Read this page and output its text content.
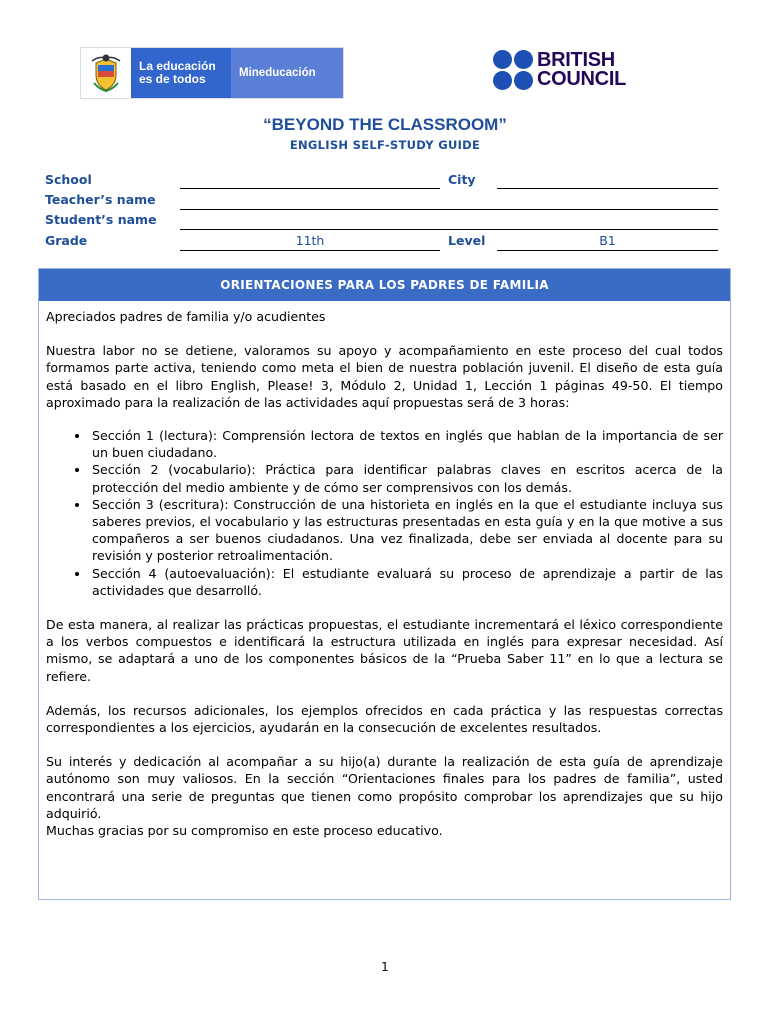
La educación
es de todos	Mineducación
BRITISH
COUNCIL
“BEYOND THE CLASSROOM”
ENGLISH SELF-STUDY GUIDE
School	City
Teacher’s name
Student’s name
Grade	11th	Level	B1
ORIENTACIONES PARA LOS PADRES DE FAMILIA

Apreciados padres de familia y/o acudientes

Nuestra labor no se detiene, valoramos su apoyo y acompañamiento en este proceso del cual todos formamos parte activa, teniendo como meta el bien de nuestra población juvenil. El diseño de esta guía está basado en el libro English, Please! 3, Módulo 2, Unidad 1, Lección 1 páginas 49-50. El tiempo aproximado para la realización de las actividades aquí propuestas será de 3 horas:

• Sección 1 (lectura): Comprensión lectora de textos en inglés que hablan de la importancia de ser un buen ciudadano.
• Sección 2 (vocabulario): Práctica para identificar palabras claves en escritos acerca de la protección del medio ambiente y de cómo ser comprensivos con los demás.
• Sección 3 (escritura): Construcción de una historieta en inglés en la que el estudiante incluya sus saberes previos, el vocabulario y las estructuras presentadas en esta guía y en la que motive a sus compañeros a ser buenos ciudadanos. Una vez finalizada, debe ser enviada al docente para su revisión y posterior retroalimentación.
• Sección 4 (autoevaluación): El estudiante evaluará su proceso de aprendizaje a partir de las actividades que desarrolló.

De esta manera, al realizar las prácticas propuestas, el estudiante incrementará el léxico correspondiente a los verbos compuestos e identificará la estructura utilizada en inglés para expresar necesidad. Así mismo, se adaptará a uno de los componentes básicos de la “Prueba Saber 11” en lo que a lectura se refiere.

Además, los recursos adicionales, los ejemplos ofrecidos en cada práctica y las respuestas correctas correspondientes a los ejercicios, ayudarán en la consecución de excelentes resultados.

Su interés y dedicación al acompañar a su hijo(a) durante la realización de esta guía de aprendizaje autónomo son muy valiosos. En la sección “Orientaciones finales para los padres de familia”, usted encontrará una serie de preguntas que tienen como propósito comprobar los aprendizajes que su hijo adquirió.

Muchas gracias por su compromiso en este proceso educativo.

1
